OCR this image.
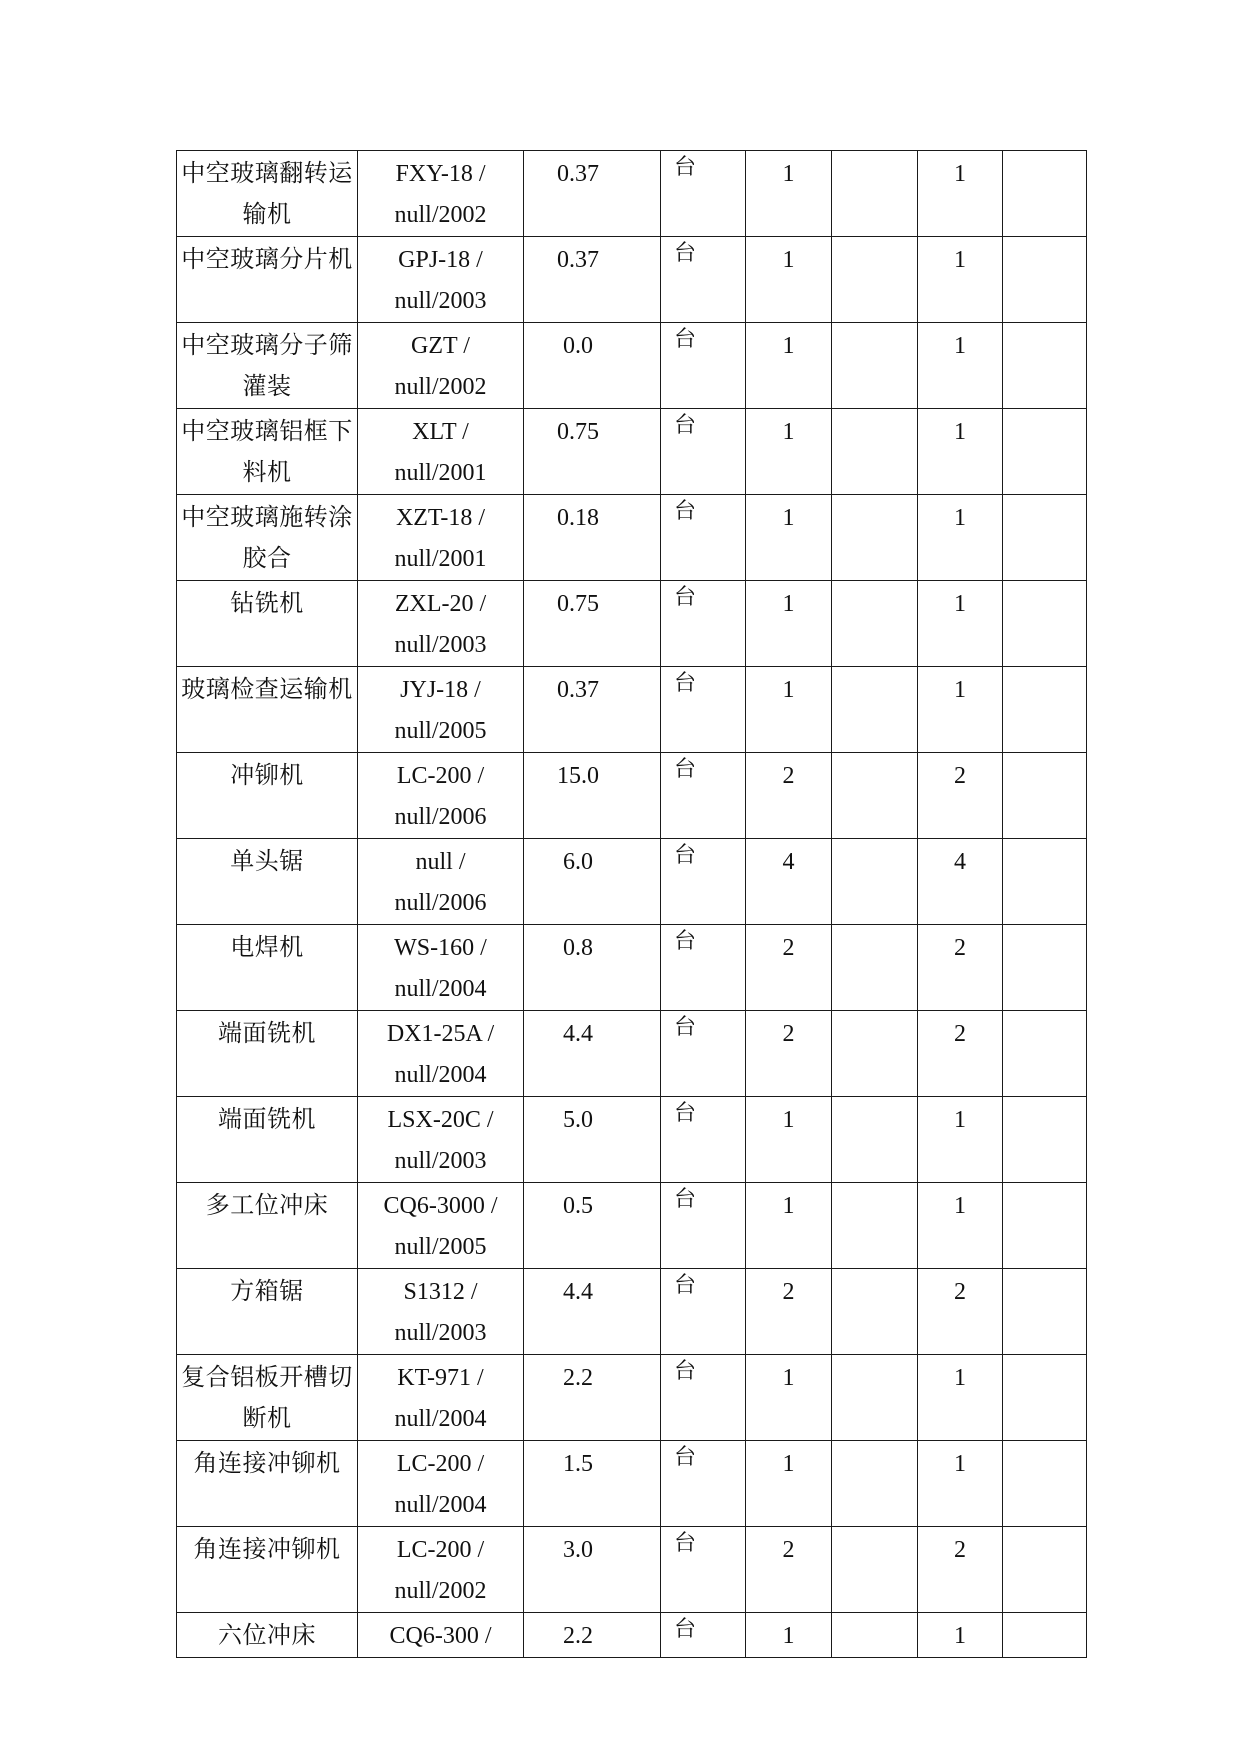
中空玻璃翻转运输机	FXY-18 /
null/2002	0.37	台	1		1	

中空玻璃分片机	GPJ-18 /
null/2003	0.37	台	1		1	

中空玻璃分子筛灌装	GZT /
null/2002	0.0	台	1		1	

中空玻璃铝框下料机	XLT /
null/2001	0.75	台	1		1	

中空玻璃施转涂胶合	XZT-18 /
null/2001	0.18	台	1		1	

钻铣机	ZXL-20 /
null/2003	0.75	台	1		1	

玻璃检查运输机	JYJ-18 /
null/2005	0.37	台	1		1	

冲铆机	LC-200 /
null/2006	15.0	台	2		2	

单头锯	null /
null/2006	6.0	台	4		4	

电焊机	WS-160 /
null/2004	0.8	台	2		2	

端面铣机	DX1-25A /
null/2004	4.4	台	2		2	

端面铣机	LSX-20C /
null/2003	5.0	台	1		1	

多工位冲床	CQ6-3000 /
null/2005	0.5	台	1		1	

方箱锯	S1312 /
null/2003	4.4	台	2		2	

复合铝板开槽切断机	KT-971 /
null/2004	2.2	台	1		1	

角连接冲铆机	LC-200 /
null/2004	1.5	台	1		1	

角连接冲铆机	LC-200 /
null/2002	3.0	台	2		2	

六位冲床	CQ6-300 /	2.2	台	1		1	
